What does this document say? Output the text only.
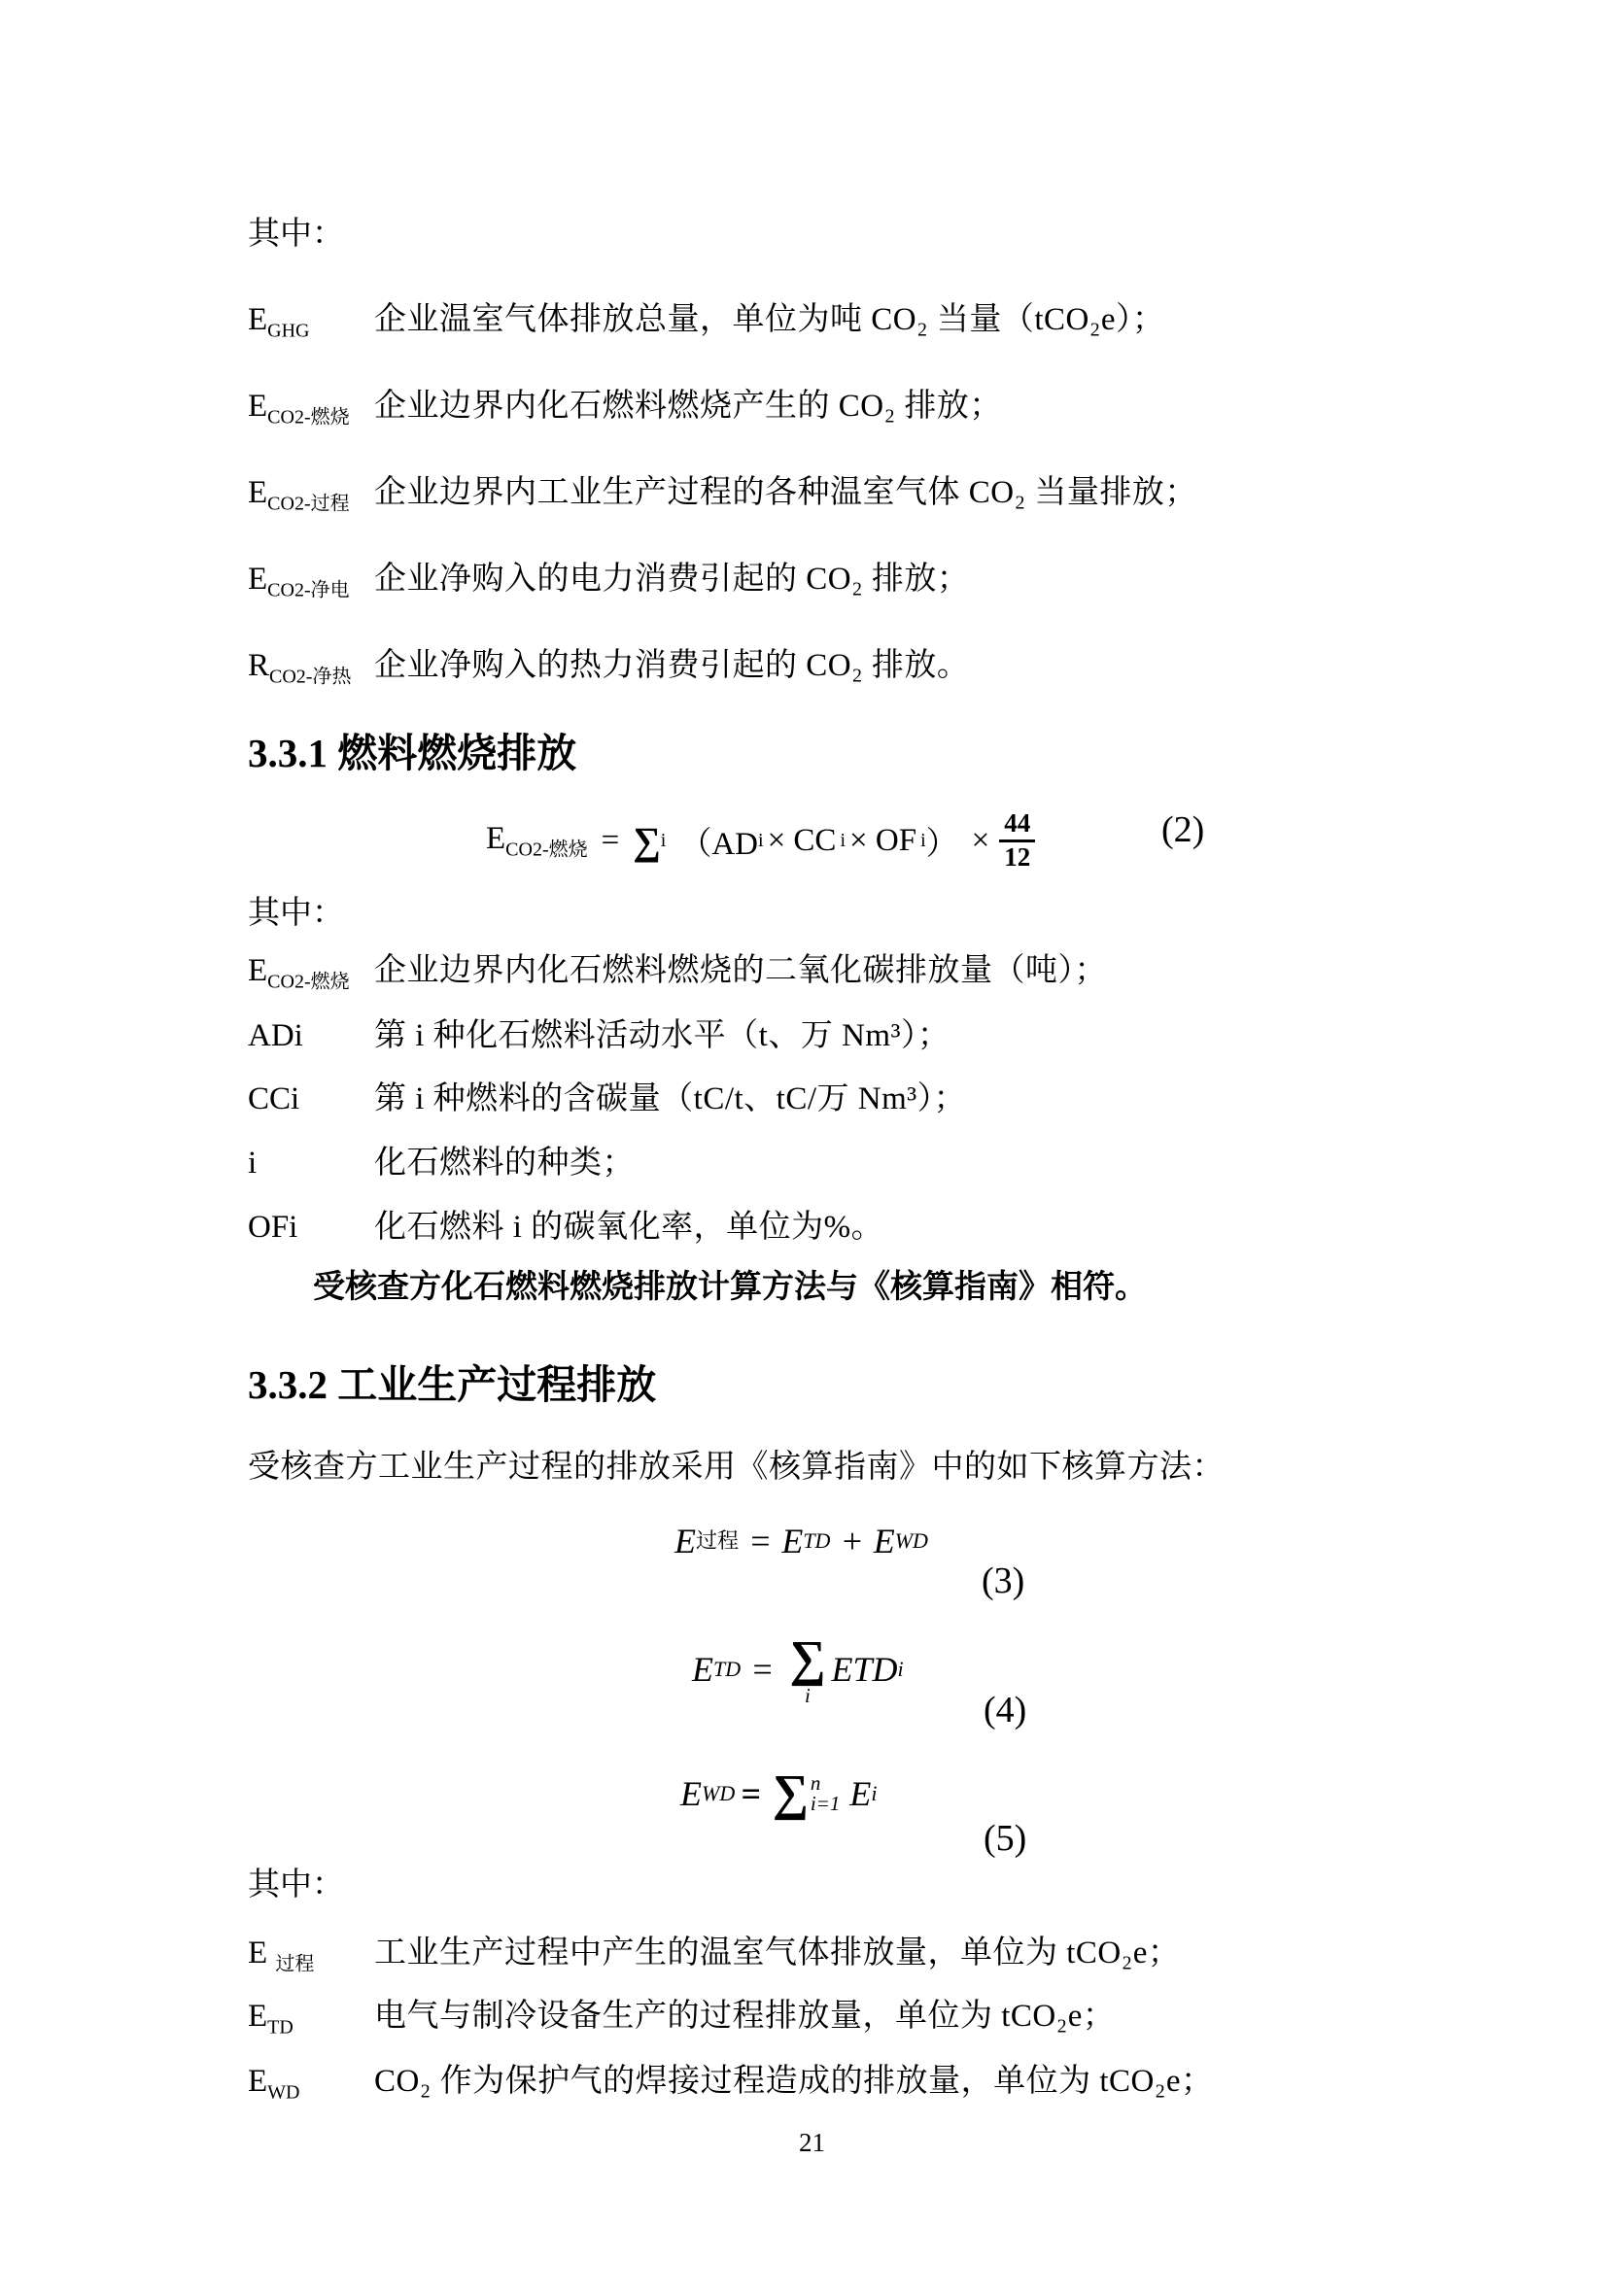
其中：
$E_{GHG}$	企业温室气体排放总量，单位为吨 CO₂ 当量（tCO₂e）；
$E_{CO2-燃烧}$ 企业边界内化石燃料燃烧产生的 CO₂ 排放；
$E_{CO2-过程}$ 企业边界内工业生产过程的各种温室气体 CO₂ 当量排放；
$E_{CO2-净电}$ 企业净购入的电力消费引起的 CO₂ 排放；
$R_{CO2-净热}$ 企业净购入的热力消费引起的 CO₂ 排放。
3.3.1 燃料燃烧排放
$E_{CO2-燃烧}$ = ∑ i （AD i × CC i × OF i ） × $\frac{44}{12}$	(2)
其中：
$E_{CO2-燃烧}$ 企业边界内化石燃料燃烧的二氧化碳排放量（吨）；
ADi	第 i 种化石燃料活动水平（t、万 Nm³）；
CCi	第 i 种燃料的含碳量（tC/t、tC/万 Nm³）；
i	化石燃料的种类；
OFi	化石燃料 i 的碳氧化率，单位为%。
受核查方化石燃料燃烧排放计算方法与《核算指南》相符。
3.3.2 工业生产过程排放
受核查方工业生产过程的排放采用《核算指南》中的如下核算方法：
E 过程 = E TD + E WD
(3)
E TD = ∑
i
ETD i
(4)
E WD = ∑ n
i=1 E i
(5)
其中：
E $_{过程}$	工业生产过程中产生的温室气体排放量，单位为 tCO₂e；
$E_{TD}$	电气与制冷设备生产的过程排放量，单位为 tCO₂e；
$E_{WD}$	CO₂ 作为保护气的焊接过程造成的排放量，单位为 tCO₂e；
21
